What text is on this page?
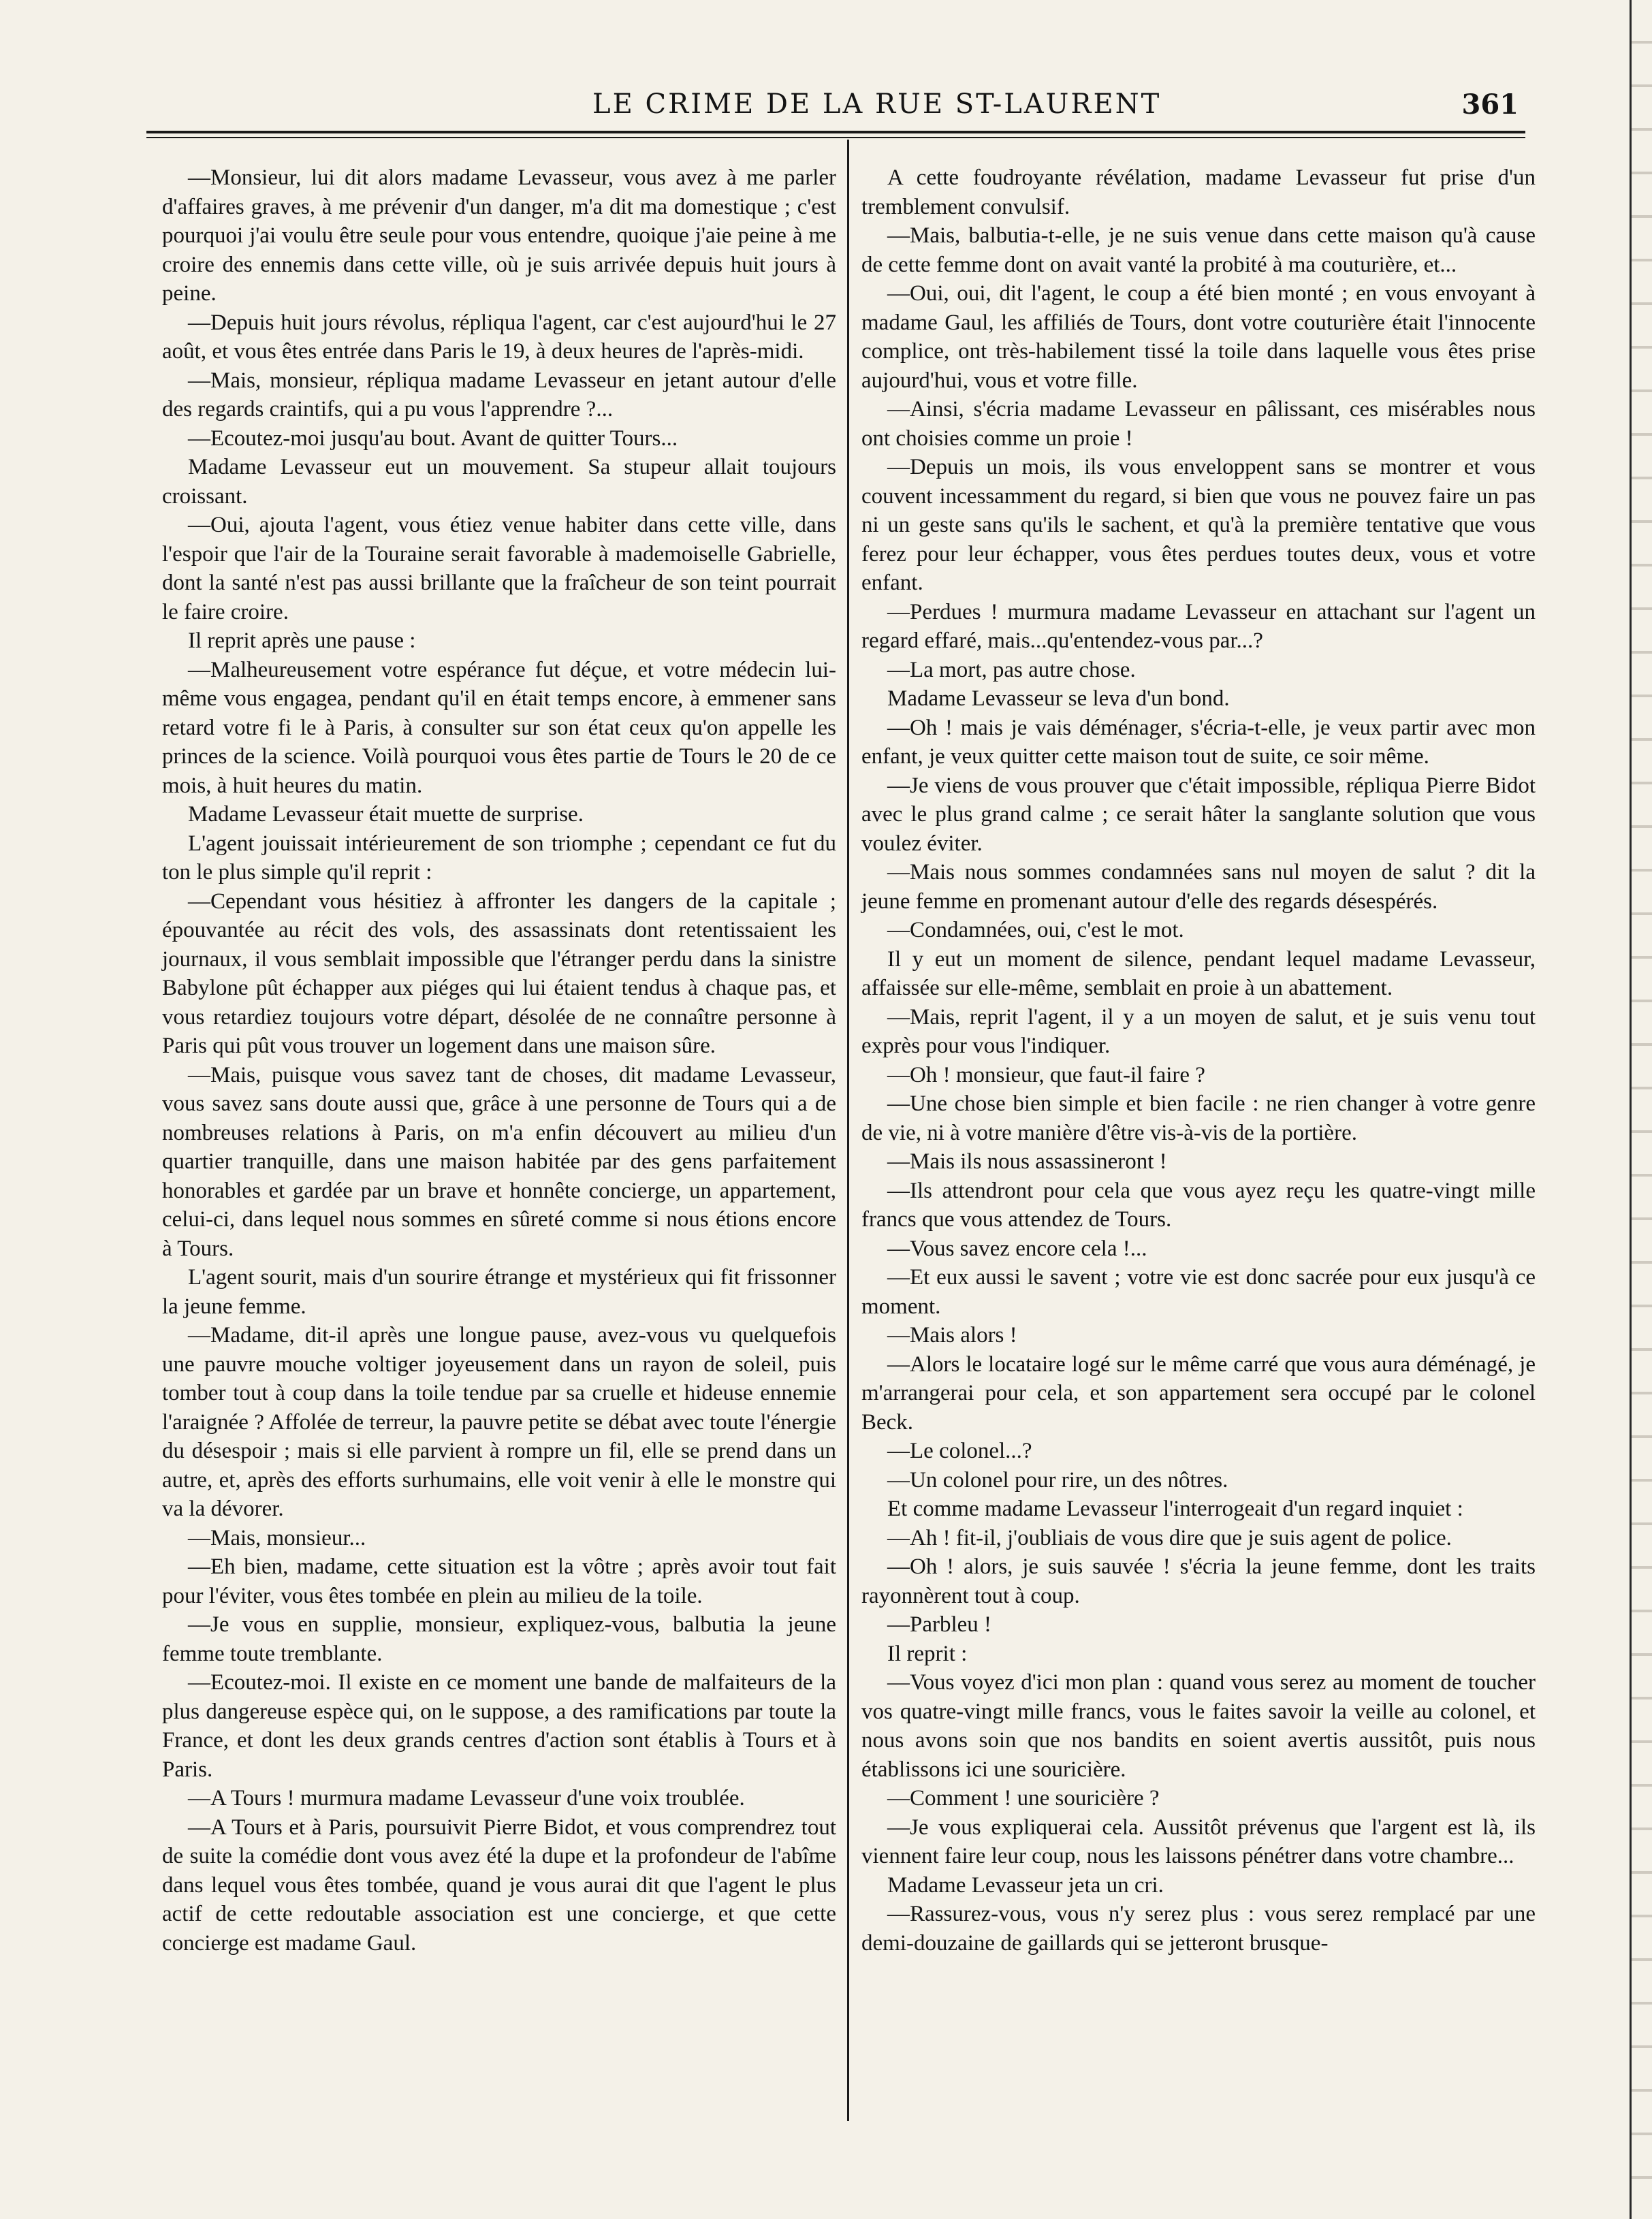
LE CRIME DE LA RUE ST-LAURENT	361

—Monsieur, lui dit alors madame Levasseur, vous avez à me parler d'affaires graves, à me prévenir d'un danger, m'a dit ma domestique ; c'est pourquoi j'ai voulu être seule pour vous entendre, quoique j'aie peine à me croire des ennemis dans cette ville, où je suis arrivée depuis huit jours à peine.

—Depuis huit jours révolus, répliqua l'agent, car c'est aujourd'hui le 27 août, et vous êtes entrée dans Paris le 19, à deux heures de l'après-midi.

—Mais, monsieur, répliqua madame Levasseur en jetant autour d'elle des regards craintifs, qui a pu vous l'apprendre ?...

—Ecoutez-moi jusqu'au bout. Avant de quitter Tours...

Madame Levasseur eut un mouvement. Sa stupeur allait toujours croissant.

—Oui, ajouta l'agent, vous étiez venue habiter dans cette ville, dans l'espoir que l'air de la Touraine serait favorable à mademoiselle Gabrielle, dont la santé n'est pas aussi brillante que la fraîcheur de son teint pourrait le faire croire.

Il reprit après une pause :

—Malheureusement votre espérance fut déçue, et votre médecin lui-même vous engagea, pendant qu'il en était temps encore, à emmener sans retard votre fi le à Paris, à consulter sur son état ceux qu'on appelle les princes de la science. Voilà pourquoi vous êtes partie de Tours le 20 de ce mois, à huit heures du matin.

Madame Levasseur était muette de surprise.

L'agent jouissait intérieurement de son triomphe ; cependant ce fut du ton le plus simple qu'il reprit :

—Cependant vous hésitiez à affronter les dangers de la capitale ; épouvantée au récit des vols, des assassinats dont retentissaient les journaux, il vous semblait impossible que l'étranger perdu dans la sinistre Babylone pût échapper aux piéges qui lui étaient tendus à chaque pas, et vous retardiez toujours votre départ, désolée de ne connaître personne à Paris qui pût vous trouver un logement dans une maison sûre.

—Mais, puisque vous savez tant de choses, dit madame Levasseur, vous savez sans doute aussi que, grâce à une personne de Tours qui a de nombreuses relations à Paris, on m'a enfin découvert au milieu d'un quartier tranquille, dans une maison habitée par des gens parfaitement honorables et gardée par un brave et honnête concierge, un appartement, celui-ci, dans lequel nous sommes en sûreté comme si nous étions encore à Tours.

L'agent sourit, mais d'un sourire étrange et mystérieux qui fit frissonner la jeune femme.

—Madame, dit-il après une longue pause, avez-vous vu quelquefois une pauvre mouche voltiger joyeusement dans un rayon de soleil, puis tomber tout à coup dans la toile tendue par sa cruelle et hideuse ennemie l'araignée ? Affolée de terreur, la pauvre petite se débat avec toute l'énergie du désespoir ; mais si elle parvient à rompre un fil, elle se prend dans un autre, et, après des efforts surhumains, elle voit venir à elle le monstre qui va la dévorer.

—Mais, monsieur...

—Eh bien, madame, cette situation est la vôtre ; après avoir tout fait pour l'éviter, vous êtes tombée en plein au milieu de la toile.

—Je vous en supplie, monsieur, expliquez-vous, balbutia la jeune femme toute tremblante.

—Ecoutez-moi. Il existe en ce moment une bande de malfaiteurs de la plus dangereuse espèce qui, on le suppose, a des ramifications par toute la France, et dont les deux grands centres d'action sont établis à Tours et à Paris.

—A Tours ! murmura madame Levasseur d'une voix troublée.

—A Tours et à Paris, poursuivit Pierre Bidot, et vous comprendrez tout de suite la comédie dont vous avez été la dupe et la profondeur de l'abîme dans lequel vous êtes tombée, quand je vous aurai dit que l'agent le plus actif de cette redoutable association est une concierge, et que cette concierge est madame Gaul.

A cette foudroyante révélation, madame Levasseur fut prise d'un tremblement convulsif.

—Mais, balbutia-t-elle, je ne suis venue dans cette maison qu'à cause de cette femme dont on avait vanté la probité à ma couturière, et...

—Oui, oui, dit l'agent, le coup a été bien monté ; en vous envoyant à madame Gaul, les affiliés de Tours, dont votre couturière était l'innocente complice, ont très-habilement tissé la toile dans laquelle vous êtes prise aujourd'hui, vous et votre fille.

—Ainsi, s'écria madame Levasseur en pâlissant, ces misérables nous ont choisies comme un proie !

—Depuis un mois, ils vous enveloppent sans se montrer et vous couvent incessamment du regard, si bien que vous ne pouvez faire un pas ni un geste sans qu'ils le sachent, et qu'à la première tentative que vous ferez pour leur échapper, vous êtes perdues toutes deux, vous et votre enfant.

—Perdues ! murmura madame Levasseur en attachant sur l'agent un regard effaré, mais...qu'entendez-vous par...?

—La mort, pas autre chose.

Madame Levasseur se leva d'un bond.

—Oh ! mais je vais déménager, s'écria-t-elle, je veux partir avec mon enfant, je veux quitter cette maison tout de suite, ce soir même.

—Je viens de vous prouver que c'était impossible, répliqua Pierre Bidot avec le plus grand calme ; ce serait hâter la sanglante solution que vous voulez éviter.

—Mais nous sommes condamnées sans nul moyen de salut ? dit la jeune femme en promenant autour d'elle des regards désespérés.

—Condamnées, oui, c'est le mot.

Il y eut un moment de silence, pendant lequel madame Levasseur, affaissée sur elle-même, semblait en proie à un abattement.

—Mais, reprit l'agent, il y a un moyen de salut, et je suis venu tout exprès pour vous l'indiquer.

—Oh ! monsieur, que faut-il faire ?

—Une chose bien simple et bien facile : ne rien changer à votre genre de vie, ni à votre manière d'être vis-à-vis de la portière.

—Mais ils nous assassineront !

—Ils attendront pour cela que vous ayez reçu les quatre-vingt mille francs que vous attendez de Tours.

—Vous savez encore cela !...

—Et eux aussi le savent ; votre vie est donc sacrée pour eux jusqu'à ce moment.

—Mais alors !

—Alors le locataire logé sur le même carré que vous aura déménagé, je m'arrangerai pour cela, et son appartement sera occupé par le colonel Beck.

—Le colonel...?

—Un colonel pour rire, un des nôtres.

Et comme madame Levasseur l'interrogeait d'un regard inquiet :

—Ah ! fit-il, j'oubliais de vous dire que je suis agent de police.

—Oh ! alors, je suis sauvée ! s'écria la jeune femme, dont les traits rayonnèrent tout à coup.

—Parbleu !

Il reprit :

—Vous voyez d'ici mon plan : quand vous serez au moment de toucher vos quatre-vingt mille francs, vous le faites savoir la veille au colonel, et nous avons soin que nos bandits en soient avertis aussitôt, puis nous établissons ici une souricière.

—Comment ! une souricière ?

—Je vous expliquerai cela. Aussitôt prévenus que l'argent est là, ils viennent faire leur coup, nous les laissons pénétrer dans votre chambre...

Madame Levasseur jeta un cri.

—Rassurez-vous, vous n'y serez plus : vous serez remplacé par une demi-douzaine de gaillards qui se jetteront brusque-
